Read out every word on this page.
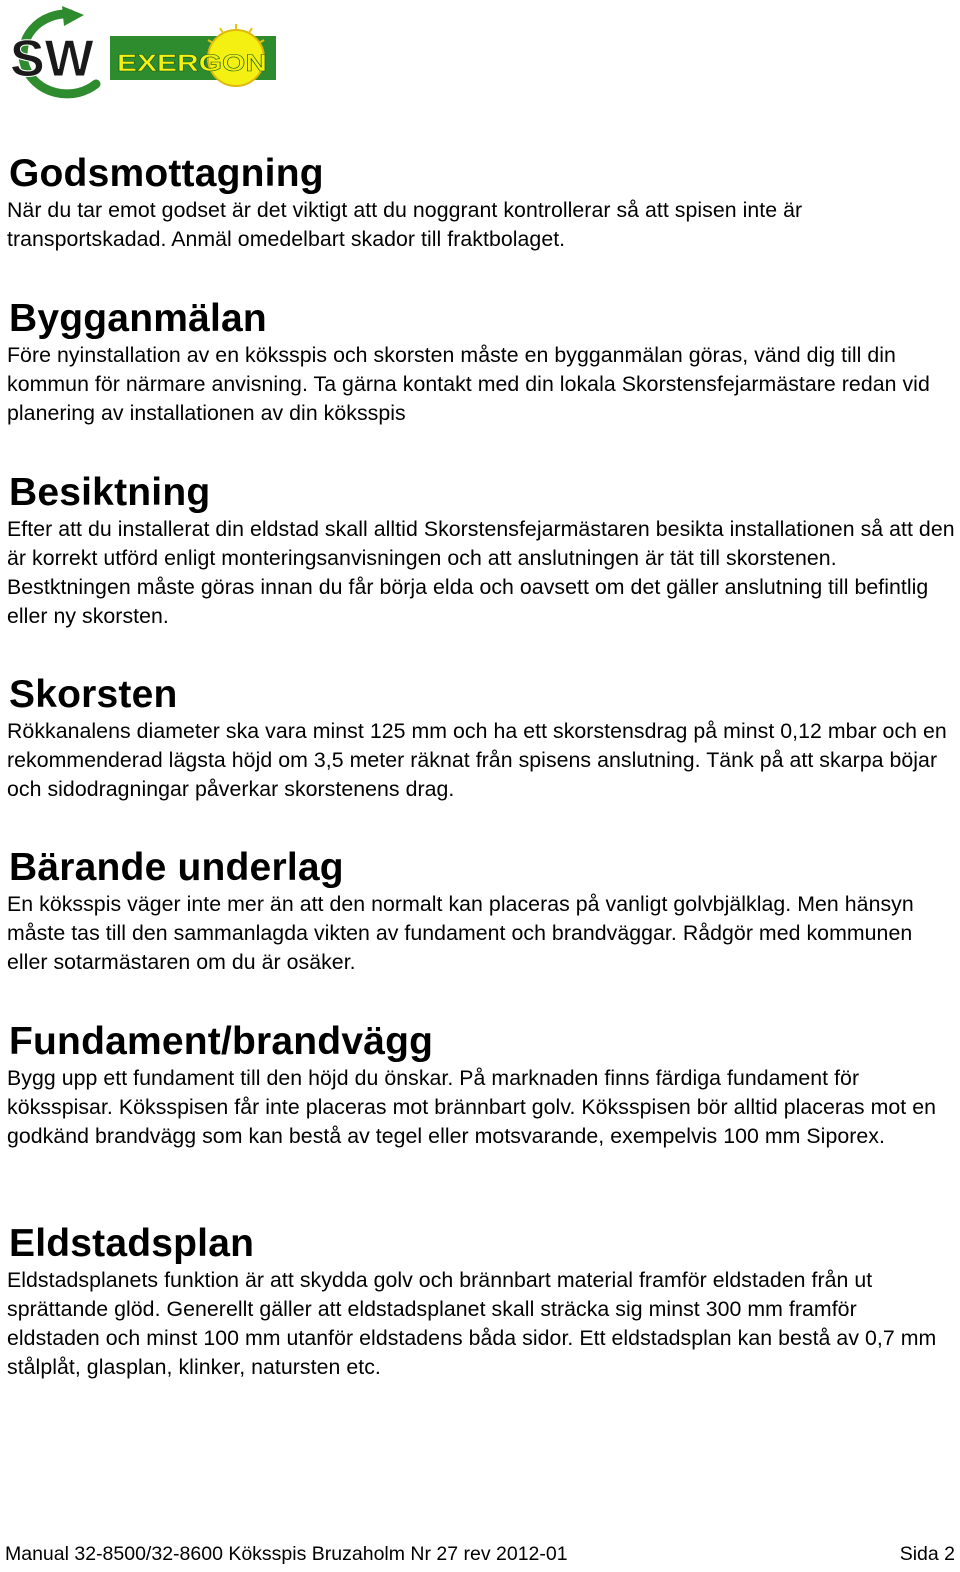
SW EXERGON
Godsmottagning

När du tar emot godset är det viktigt att du noggrant kontrollerar så att spisen inte är transportskadad. Anmäl omedelbart skador till fraktbolaget.

Bygganmälan

Före nyinstallation av en köksspis och skorsten måste en bygganmälan göras, vänd dig till din kommun för närmare anvisning. Ta gärna kontakt med din lokala Skorstensfejarmästare redan vid planering av installationen av din köksspis

Besiktning

Efter att du installerat din eldstad skall alltid Skorstensfejarmästaren besikta installationen så att den är korrekt utförd enligt monteringsanvisningen och att anslutningen är tät till skorstenen. Bestktningen måste göras innan du får börja elda och oavsett om det gäller anslutning till befintlig eller ny skorsten.

Skorsten

Rökkanalens diameter ska vara minst 125 mm och ha ett skorstensdrag på minst 0,12 mbar och en rekommenderad lägsta höjd om 3,5 meter räknat från spisens anslutning. Tänk på att skarpa böjar och sidodragningar påverkar skorstenens drag.

Bärande underlag

En köksspis väger inte mer än att den normalt kan placeras på vanligt golvbjälklag. Men hänsyn måste tas till den sammanlagda vikten av fundament och brandväggar. Rådgör med kommunen eller sotarmästaren om du är osäker.

Fundament/brandvägg

Bygg upp ett fundament till den höjd du önskar. På marknaden finns färdiga fundament för köksspisar. Köksspisen får inte placeras mot brännbart golv. Köksspisen bör alltid placeras mot en godkänd brandvägg som kan bestå av tegel eller motsvarande, exempelvis 100 mm Siporex.

Eldstadsplan

Eldstadsplanets funktion är att skydda golv och brännbart material framför eldstaden från ut sprättande glöd. Generellt gäller att eldstadsplanet skall sträcka sig minst 300 mm framför eldstaden och minst 100 mm utanför eldstadens båda sidor. Ett eldstadsplan kan bestå av 0,7 mm stålplåt, glasplan, klinker, natursten etc.

Manual 32-8500/32-8600 Köksspis Bruzaholm Nr 27 rev 2012-01	Sida 2
